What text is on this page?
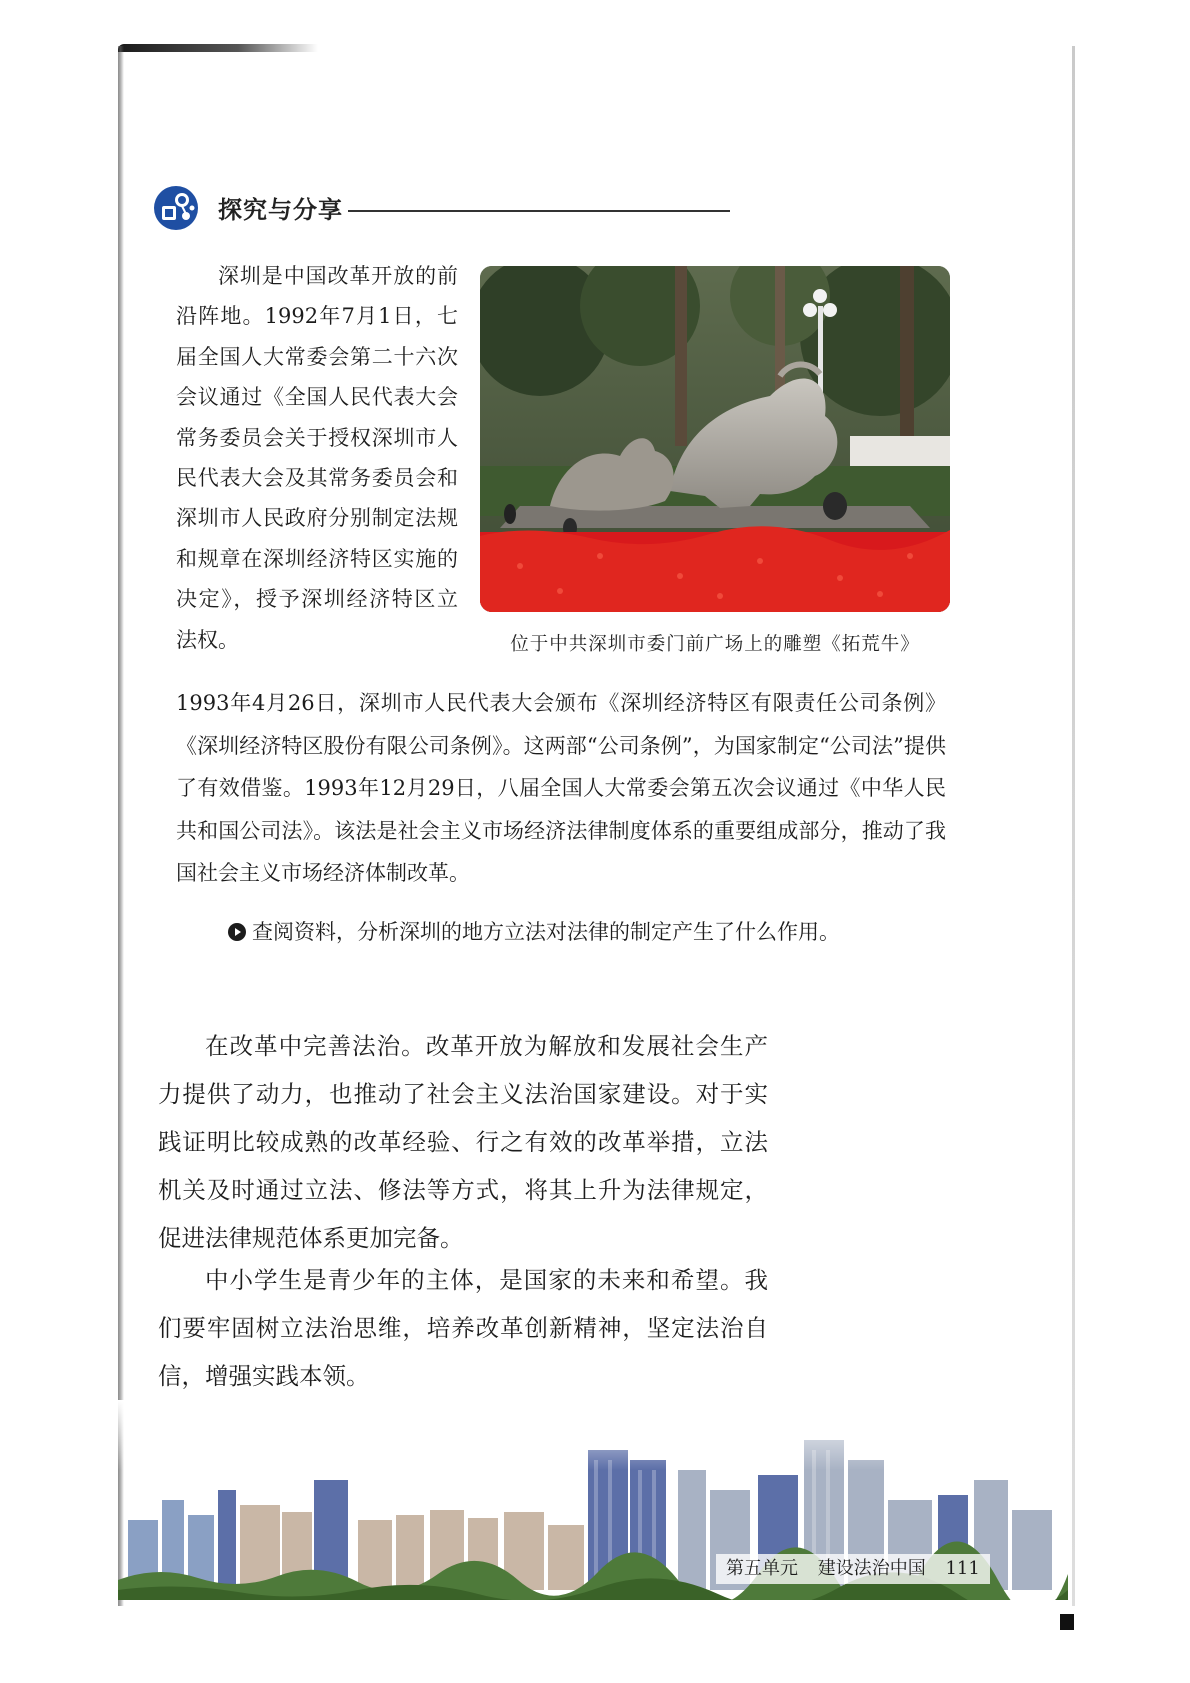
探究与分享
深圳是中国改革开放的前沿阵地。1992年7月1日，七届全国人大常委会第二十六次会议通过《全国人民代表大会常务委员会关于授权深圳市人民代表大会及其常务委员会和深圳市人民政府分别制定法规和规章在深圳经济特区实施的决定》，授予深圳经济特区立法权。	位于中共深圳市委门前广场上的雕塑《拓荒牛》
1993年4月26日，深圳市人民代表大会颁布《深圳经济特区有限责任公司条例》《深圳经济特区股份有限公司条例》。这两部“公司条例”，为国家制定“公司法”提供了有效借鉴。1993年12月29日，八届全国人大常委会第五次会议通过《中华人民共和国公司法》。该法是社会主义市场经济法律制度体系的重要组成部分，推动了我国社会主义市场经济体制改革。
查阅资料，分析深圳的地方立法对法律的制定产生了什么作用。

在改革中完善法治。改革开放为解放和发展社会生产力提供了动力，也推动了社会主义法治国家建设。对于实践证明比较成熟的改革经验、行之有效的改革举措，立法机关及时通过立法、修法等方式，将其上升为法律规定，促进法律规范体系更加完备。

中小学生是青少年的主体，是国家的未来和希望。我们要牢固树立法治思维，培养改革创新精神，坚定法治自信，增强实践本领。

第五单元 建设法治中国 111
